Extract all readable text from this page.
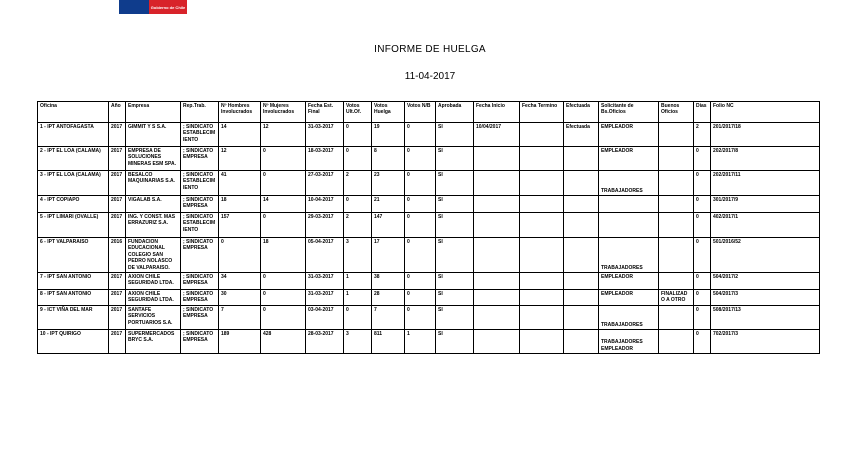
Gobierno de Chile
INFORME DE HUELGA
11-04-2017
Oficina	Año	Empresa	Rep.Trab.	Nº Hombres Involucrados	Nº Mujeres Involucrados	Fecha Est. Final	Votos Ult.Of.	Votos Huelga	Votos N/B	Aprobada	Fecha Inicio	Fecha Termino	Efectuada	Solicitante de Bs.Oficios	Buenos Oficios	Dias	Folio NC
1 - IPT ANTOFAGASTA	2017	GIMMIT Y S S.A.	; SINDICATO ESTABLECIMIENTO	14	12	31-03-2017	0	19	0	SI	10/04/2017		Efectuada	EMPLEADOR		2	201/2017/18
2 - IPT EL LOA (CALAMA)	2017	EMPRESA DE SOLUCIONES MINERAS ESM SPA.	; SINDICATO EMPRESA	12	0	18-03-2017	0	8	0	SI				EMPLEADOR		0	202/2017/8
3 - IPT EL LOA (CALAMA)	2017	BESALCO MAQUINARIAS S.A.	; SINDICATO ESTABLECIMIENTO	41	0	27-03-2017	2	23	0	SI				TRABAJADORES		0	202/2017/11
4 - IPT COPIAPO	2017	VIGALAB S.A.	; SINDICATO EMPRESA	18	14	10-04-2017	0	21	0	SI						0	301/2017/9
5 - IPT LIMARI (OVALLE)	2017	ING. Y CONST. MAS ERRAZURIZ S.A.	; SINDICATO ESTABLECIMIENTO	157	0	29-03-2017	2	147	0	SI						0	402/2017/1
6 - IPT VALPARAISO	2016	FUNDACION EDUCACIONAL COLEGIO SAN PEDRO NOLASCO DE VALPARAISO.	; SINDICATO EMPRESA	0	18	05-04-2017	3	17	0	SI				TRABAJADORES		0	501/2016/52
7 - IPT SAN ANTONIO	2017	AXION CHILE SEGURIDAD LTDA.	; SINDICATO EMPRESA	34	0	31-03-2017	1	38	0	SI				EMPLEADOR		0	504/2017/2
8 - IPT SAN ANTONIO	2017	AXION CHILE SEGURIDAD LTDA.	; SINDICATO EMPRESA	30	0	31-03-2017	1	28	0	SI				EMPLEADOR	FINALIZADO A OTRO	0	504/2017/3
9 - ICT VIÑA DEL MAR	2017	SANTAFE SERVICIOS PORTUARIOS S.A.	; SINDICATO EMPRESA	7	0	03-04-2017	0	7	0	SI				TRABAJADORES		0	508/2017/13
10 - IPT QUIRIGO	2017	SUPERMERCADOS BRYC S.A.	; SINDICATO EMPRESA	189	428	28-03-2017	3	811	1	SI				TRABAJADORES EMPLEADOR		0	702/2017/3
